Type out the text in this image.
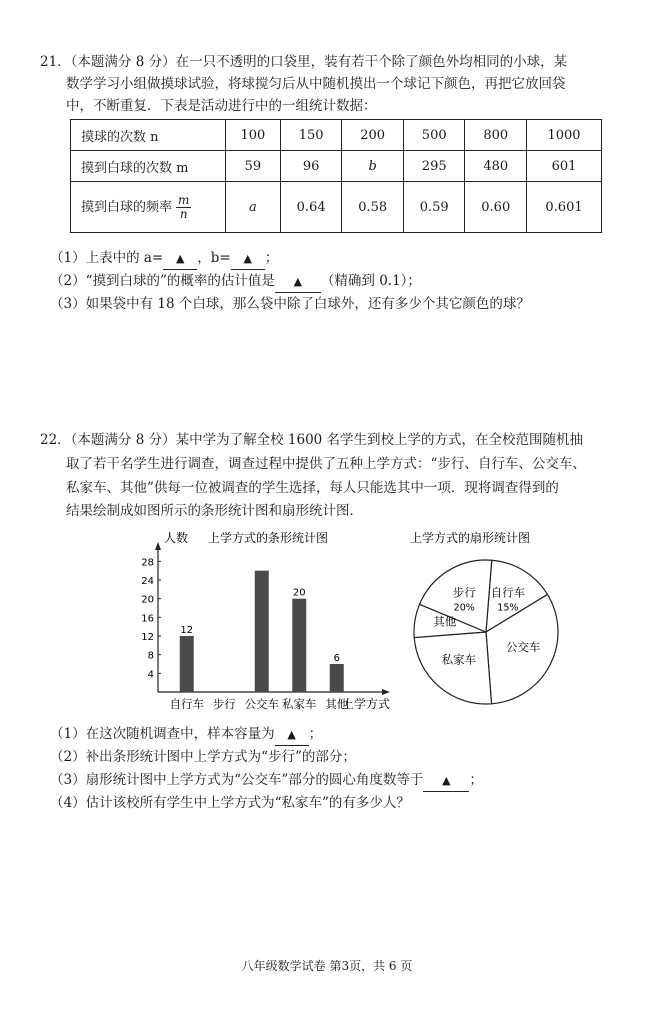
21．（本题满分 8 分）在一只不透明的口袋里，装有若干个除了颜色外均相同的小球，某
数学学习小组做摸球试验，将球搅匀后从中随机摸出一个球记下颜色，再把它放回袋
中，不断重复．下表是活动进行中的一组统计数据：
摸球的次数 n	100	150	200	500	800	1000
摸到白球的次数 m	59	96	b	295	480	601
摸到白球的频率 $\frac{m}{n}$	a	0.64	0.58	0.59	0.60	0.601
（1）上表中的 a= ▲ ，b= ▲ ；
（2）“摸到白球的”的概率的估计值是 ▲ （精确到 0.1）；
（3）如果袋中有 18 个白球，那么袋中除了白球外，还有多少个其它颜色的球？
22．（本题满分 8 分）某中学为了解全校 1600 名学生到校上学的方式，在全校范围随机抽
取了若干名学生进行调查，调查过程中提供了五种上学方式：“步行、自行车、公交车、
私家车、其他”供每一位被调查的学生选择，每人只能选其中一项．现将调查得到的
结果绘制成如图所示的条形统计图和扇形统计图．
人数 上学方式的条形统计图
4
8
12
16
20
24
28
12
20
6
自行车 步行 公交车 私家车 其他
上学方式
上学方式的扇形统计图
自行车
15%
公交车
私家车
其他
步行
20%
（1）在这次随机调查中，样本容量为 ▲ ；
（2）补出条形统计图中上学方式为“步行”的部分；
（3）扇形统计图中上学方式为“公交车”部分的圆心角度数等于 ▲ ；
（4）估计该校所有学生中上学方式为“私家车”的有多少人？
八年级数学试卷 第3页，共 6 页
